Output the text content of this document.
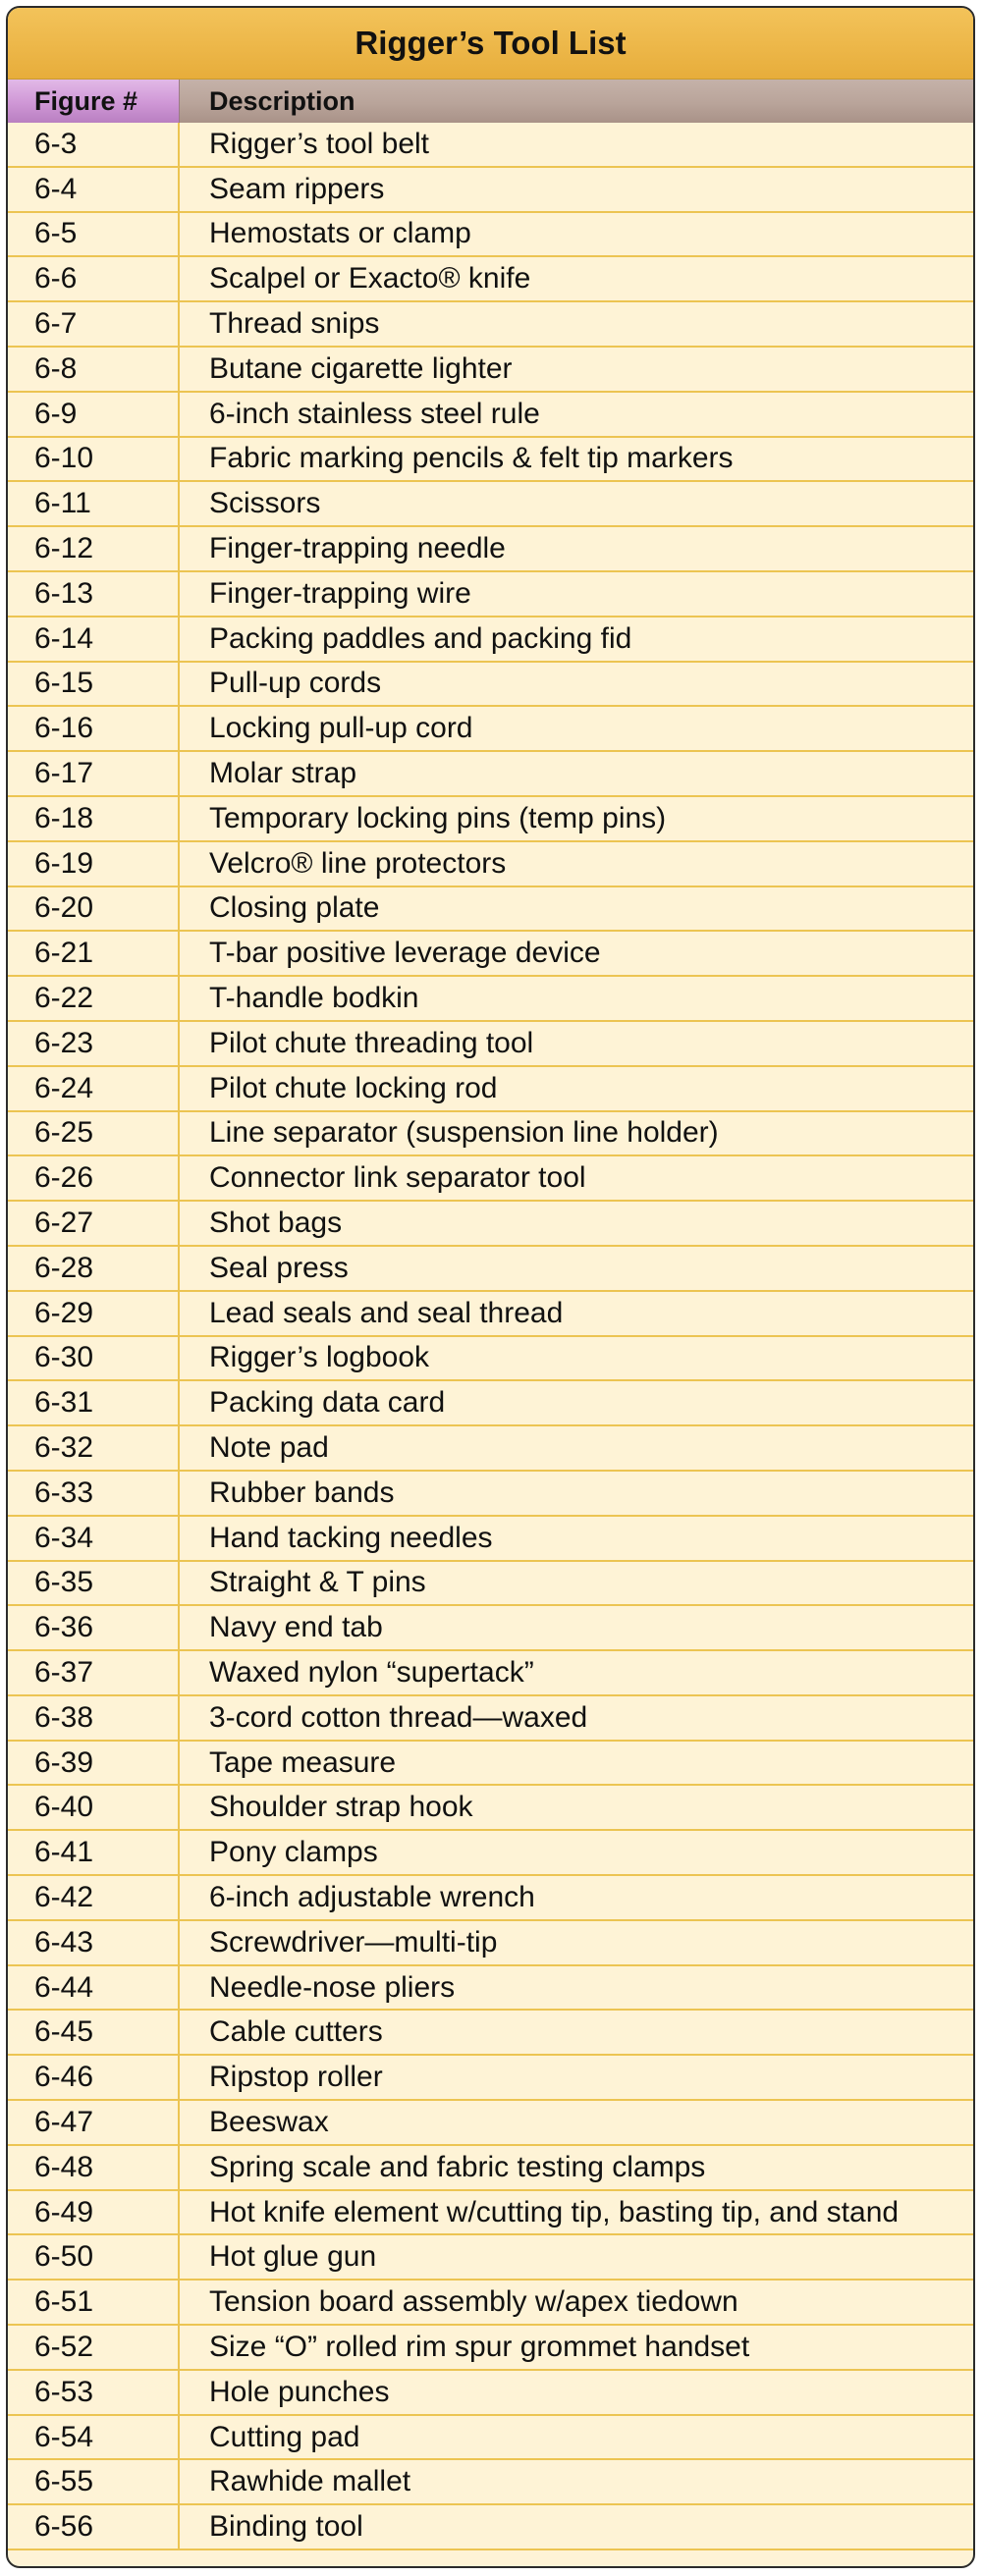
Rigger’s Tool List
Figure #	Description
6-3	Rigger’s tool belt
6-4	Seam rippers
6-5	Hemostats or clamp
6-6	Scalpel or Exacto® knife
6-7	Thread snips
6-8	Butane cigarette lighter
6-9	6-inch stainless steel rule
6-10	Fabric marking pencils & felt tip markers
6-11	Scissors
6-12	Finger-trapping needle
6-13	Finger-trapping wire
6-14	Packing paddles and packing fid
6-15	Pull-up cords
6-16	Locking pull-up cord
6-17	Molar strap
6-18	Temporary locking pins (temp pins)
6-19	Velcro® line protectors
6-20	Closing plate
6-21	T-bar positive leverage device
6-22	T-handle bodkin
6-23	Pilot chute threading tool
6-24	Pilot chute locking rod
6-25	Line separator (suspension line holder)
6-26	Connector link separator tool
6-27	Shot bags
6-28	Seal press
6-29	Lead seals and seal thread
6-30	Rigger’s logbook
6-31	Packing data card
6-32	Note pad
6-33	Rubber bands
6-34	Hand tacking needles
6-35	Straight & T pins
6-36	Navy end tab
6-37	Waxed nylon “supertack”
6-38	3-cord cotton thread—waxed
6-39	Tape measure
6-40	Shoulder strap hook
6-41	Pony clamps
6-42	6-inch adjustable wrench
6-43	Screwdriver—multi-tip
6-44	Needle-nose pliers
6-45	Cable cutters
6-46	Ripstop roller
6-47	Beeswax
6-48	Spring scale and fabric testing clamps
6-49	Hot knife element w/cutting tip, basting tip, and stand
6-50	Hot glue gun
6-51	Tension board assembly w/apex tiedown
6-52	Size “O” rolled rim spur grommet handset
6-53	Hole punches
6-54	Cutting pad
6-55	Rawhide mallet
6-56	Binding tool
